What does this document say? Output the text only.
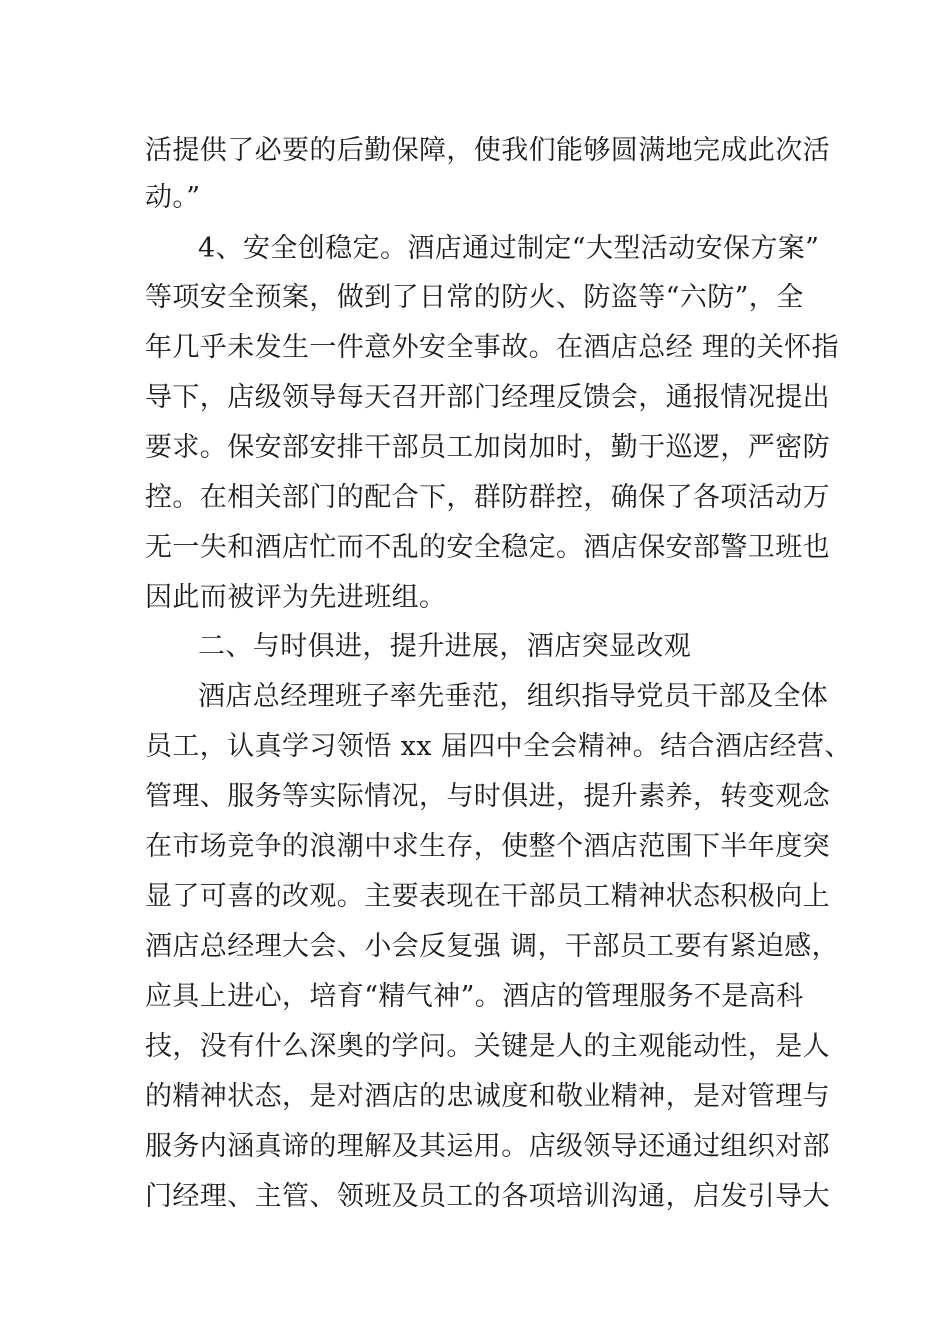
活提供了必要的后勤保障，使我们能够圆满地完成此次活
动。”
4、安全创稳定。酒店通过制定“大型活动安保方案”
等项安全预案，做到了日常的防火、防盗等“六防”，全
年几乎未发生一件意外安全事故。在酒店总经 理的关怀指
导下，店级领导每天召开部门经理反馈会，通报情况提出
要求。保安部安排干部员工加岗加时，勤于巡逻，严密防
控。在相关部门的配合下，群防群控，确保了各项活动万
无一失和酒店忙而不乱的安全稳定。酒店保安部警卫班也
因此而被评为先进班组。
二、与时俱进，提升进展，酒店突显改观
酒店总经理班子率先垂范，组织指导党员干部及全体
员工，认真学习领悟 xx 届四中全会精神。结合酒店经营、
管理、服务等实际情况，与时俱进，提升素养，转变观念
在市场竞争的浪潮中求生存，使整个酒店范围下半年度突
显了可喜的改观。主要表现在干部员工精神状态积极向上
酒店总经理大会、小会反复强 调，干部员工要有紧迫感，
应具上进心，培育“精气神”。酒店的管理服务不是高科
技，没有什么深奥的学问。关键是人的主观能动性，是人
的精神状态，是对酒店的忠诚度和敬业精神，是对管理与
服务内涵真谛的理解及其运用。店级领导还通过组织对部
门经理、主管、领班及员工的各项培训沟通，启发引导大
